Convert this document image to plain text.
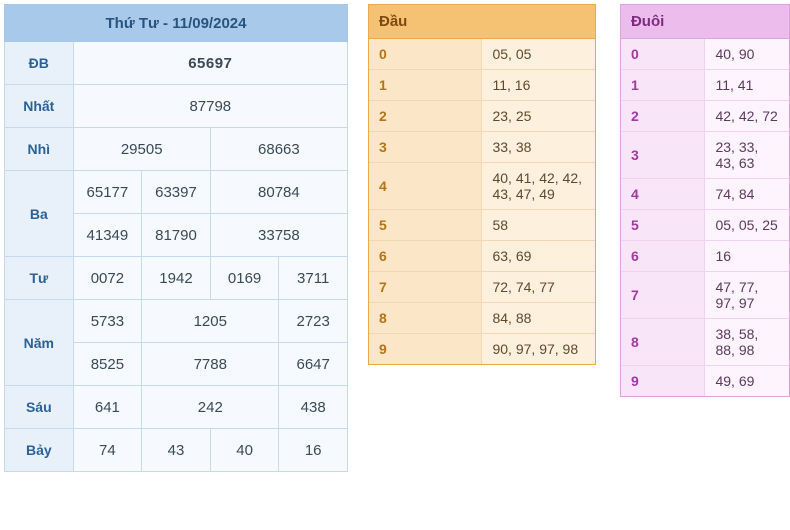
Thứ Tư - 11/09/2024				
ĐB	65697			
Nhất	87798			
Nhì	29505		68663	
Ba	65177	63397	80784	
	41349	81790	33758	
Tư	0072	1942	0169	3711
Năm	5733	1205		2723
	8525	7788		6647
Sáu	641	242		438
Bảy	74	43	40	16
Đầu	
0	05, 05
1	11, 16
2	23, 25
3	33, 38
4	40, 41, 42, 42, 43, 47, 49
5	58
6	63, 69
7	72, 74, 77
8	84, 88
9	90, 97, 97, 98
Đuôi	
0	40, 90
1	11, 41
2	42, 42, 72
3	23, 33, 43, 63
4	74, 84
5	05, 05, 25
6	16
7	47, 77, 97, 97
8	38, 58, 88, 98
9	49, 69
